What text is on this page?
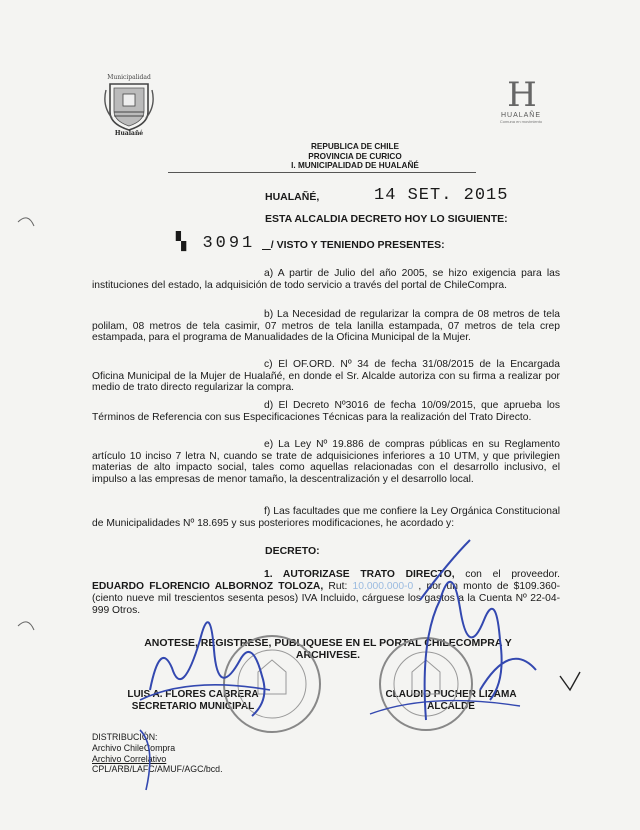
Municipalidad
Hualañé
H
HUALAÑE
Comuna en movimiento
REPUBLICA DE CHILE
PROVINCIA DE CURICO
I. MUNICIPALIDAD DE HUALAÑÉ
HUALAÑÉ,	14 SET. 2015
ESTA ALCALDIA DECRETO HOY LO SIGUIENTE:
▚ 3091	/ VISTO Y TENIENDO PRESENTES:
a) A partir de Julio del año 2005, se hizo exigencia para las instituciones del estado, la adquisición de todo servicio a través del portal de ChileCompra.
b) La Necesidad de regularizar la compra de 08 metros de tela polilam, 08 metros de tela casimir, 07 metros de tela lanilla estampada, 07 metros de tela crep estampada, para el programa de Manualidades de la Oficina Municipal de la Mujer.
c) El OF.ORD. Nº 34 de fecha 31/08/2015 de la Encargada Oficina Municipal de la Mujer de Hualañé, en donde el Sr. Alcalde autoriza con su firma a realizar por medio de trato directo regularizar la compra.
d) El Decreto Nº3016 de fecha 10/09/2015, que aprueba los Términos de Referencia con sus Especificaciones Técnicas para la realización del Trato Directo.
e) La Ley Nº 19.886 de compras públicas en su Reglamento artículo 10 inciso 7 letra N, cuando se trate de adquisiciones inferiores a 10 UTM, y que privilegien materias de alto impacto social, tales como aquellas relacionadas con el desarrollo inclusivo, el impulso a las empresas de menor tamaño, la descentralización y el desarrollo local.
f) Las facultades que me confiere la Ley Orgánica Constitucional de Municipalidades Nº 18.695 y sus posteriores modificaciones, he acordado y:
DECRETO:
1. AUTORIZASE TRATO DIRECTO, con el proveedor. EDUARDO FLORENCIO ALBORNOZ TOLOZA, Rut: 10.000.000-0 , por un monto de $109.360- (ciento nueve mil trescientos sesenta pesos) IVA Incluido, cárguese los gastos a la Cuenta Nº 22-04-999 Otros.
ANOTESE, REGISTRESE, PUBLIQUESE EN EL PORTAL CHILECOMPRA Y
ARCHIVESE.
LUIS A. FLORES CABRERA
SECRETARIO MUNICIPAL
CLAUDIO PUCHER LIZAMA
ALCALDE
DISTRIBUCIÓN:
Archivo ChileCompra
Archivo Correlativo
CPL/ARB/LAFC/AMUF/AGC/bcd.
